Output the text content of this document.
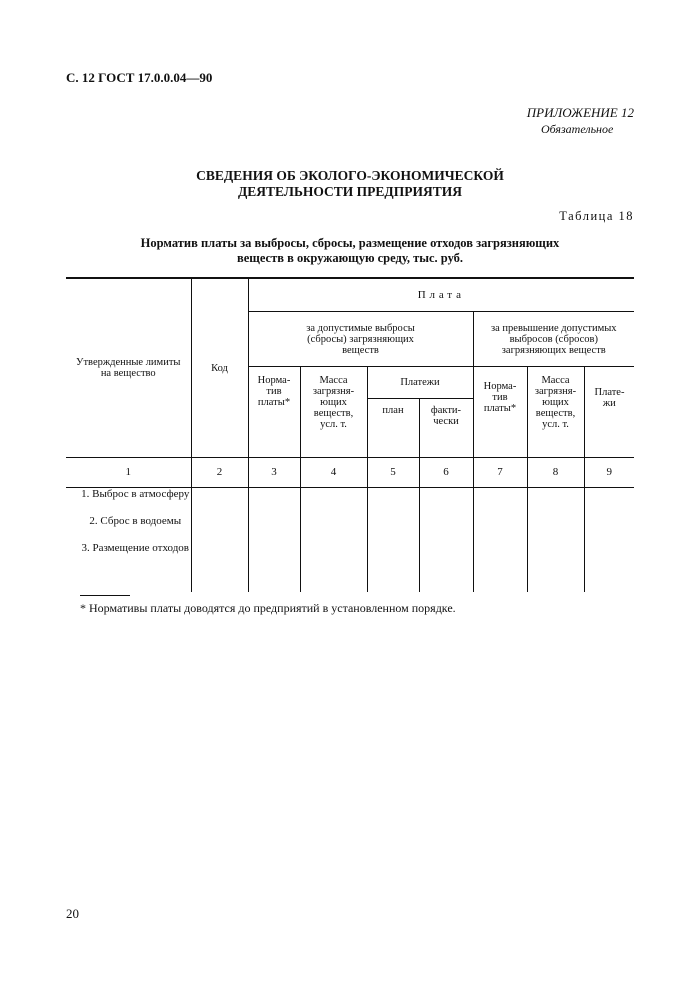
С. 12 ГОСТ 17.0.0.04—90
ПРИЛОЖЕНИЕ 12
Обязательное
СВЕДЕНИЯ ОБ ЭКОЛОГО-ЭКОНОМИЧЕСКОЙ
ДЕЯТЕЛЬНОСТИ ПРЕДПРИЯТИЯ
Таблица 18
Норматив платы за выбросы, сбросы, размещение отходов загрязняющих
веществ в окружающую среду, тыс. руб.
Утвержденные лимиты на вещество	Код	Плата						

		за допустимые выбросы (сбросы) загрязняющих веществ				за превышение допустимых выбросов (сбросов) загрязняющих веществ		

		Норма-тив платы*	Масса загрязня-ющих веществ, усл. т.	Платежи		Норма-тив платы*	Масса загрязня-ющих веществ, усл. т.	Плате-жи

				план	факти-чески			

1	2	3	4	5	6	7	8	9

1. Выброс в атмосферу
2. Сброс в водоемы
3. Размещение отходов								

* Нормативы платы доводятся до предприятий в установленном порядке.
20
